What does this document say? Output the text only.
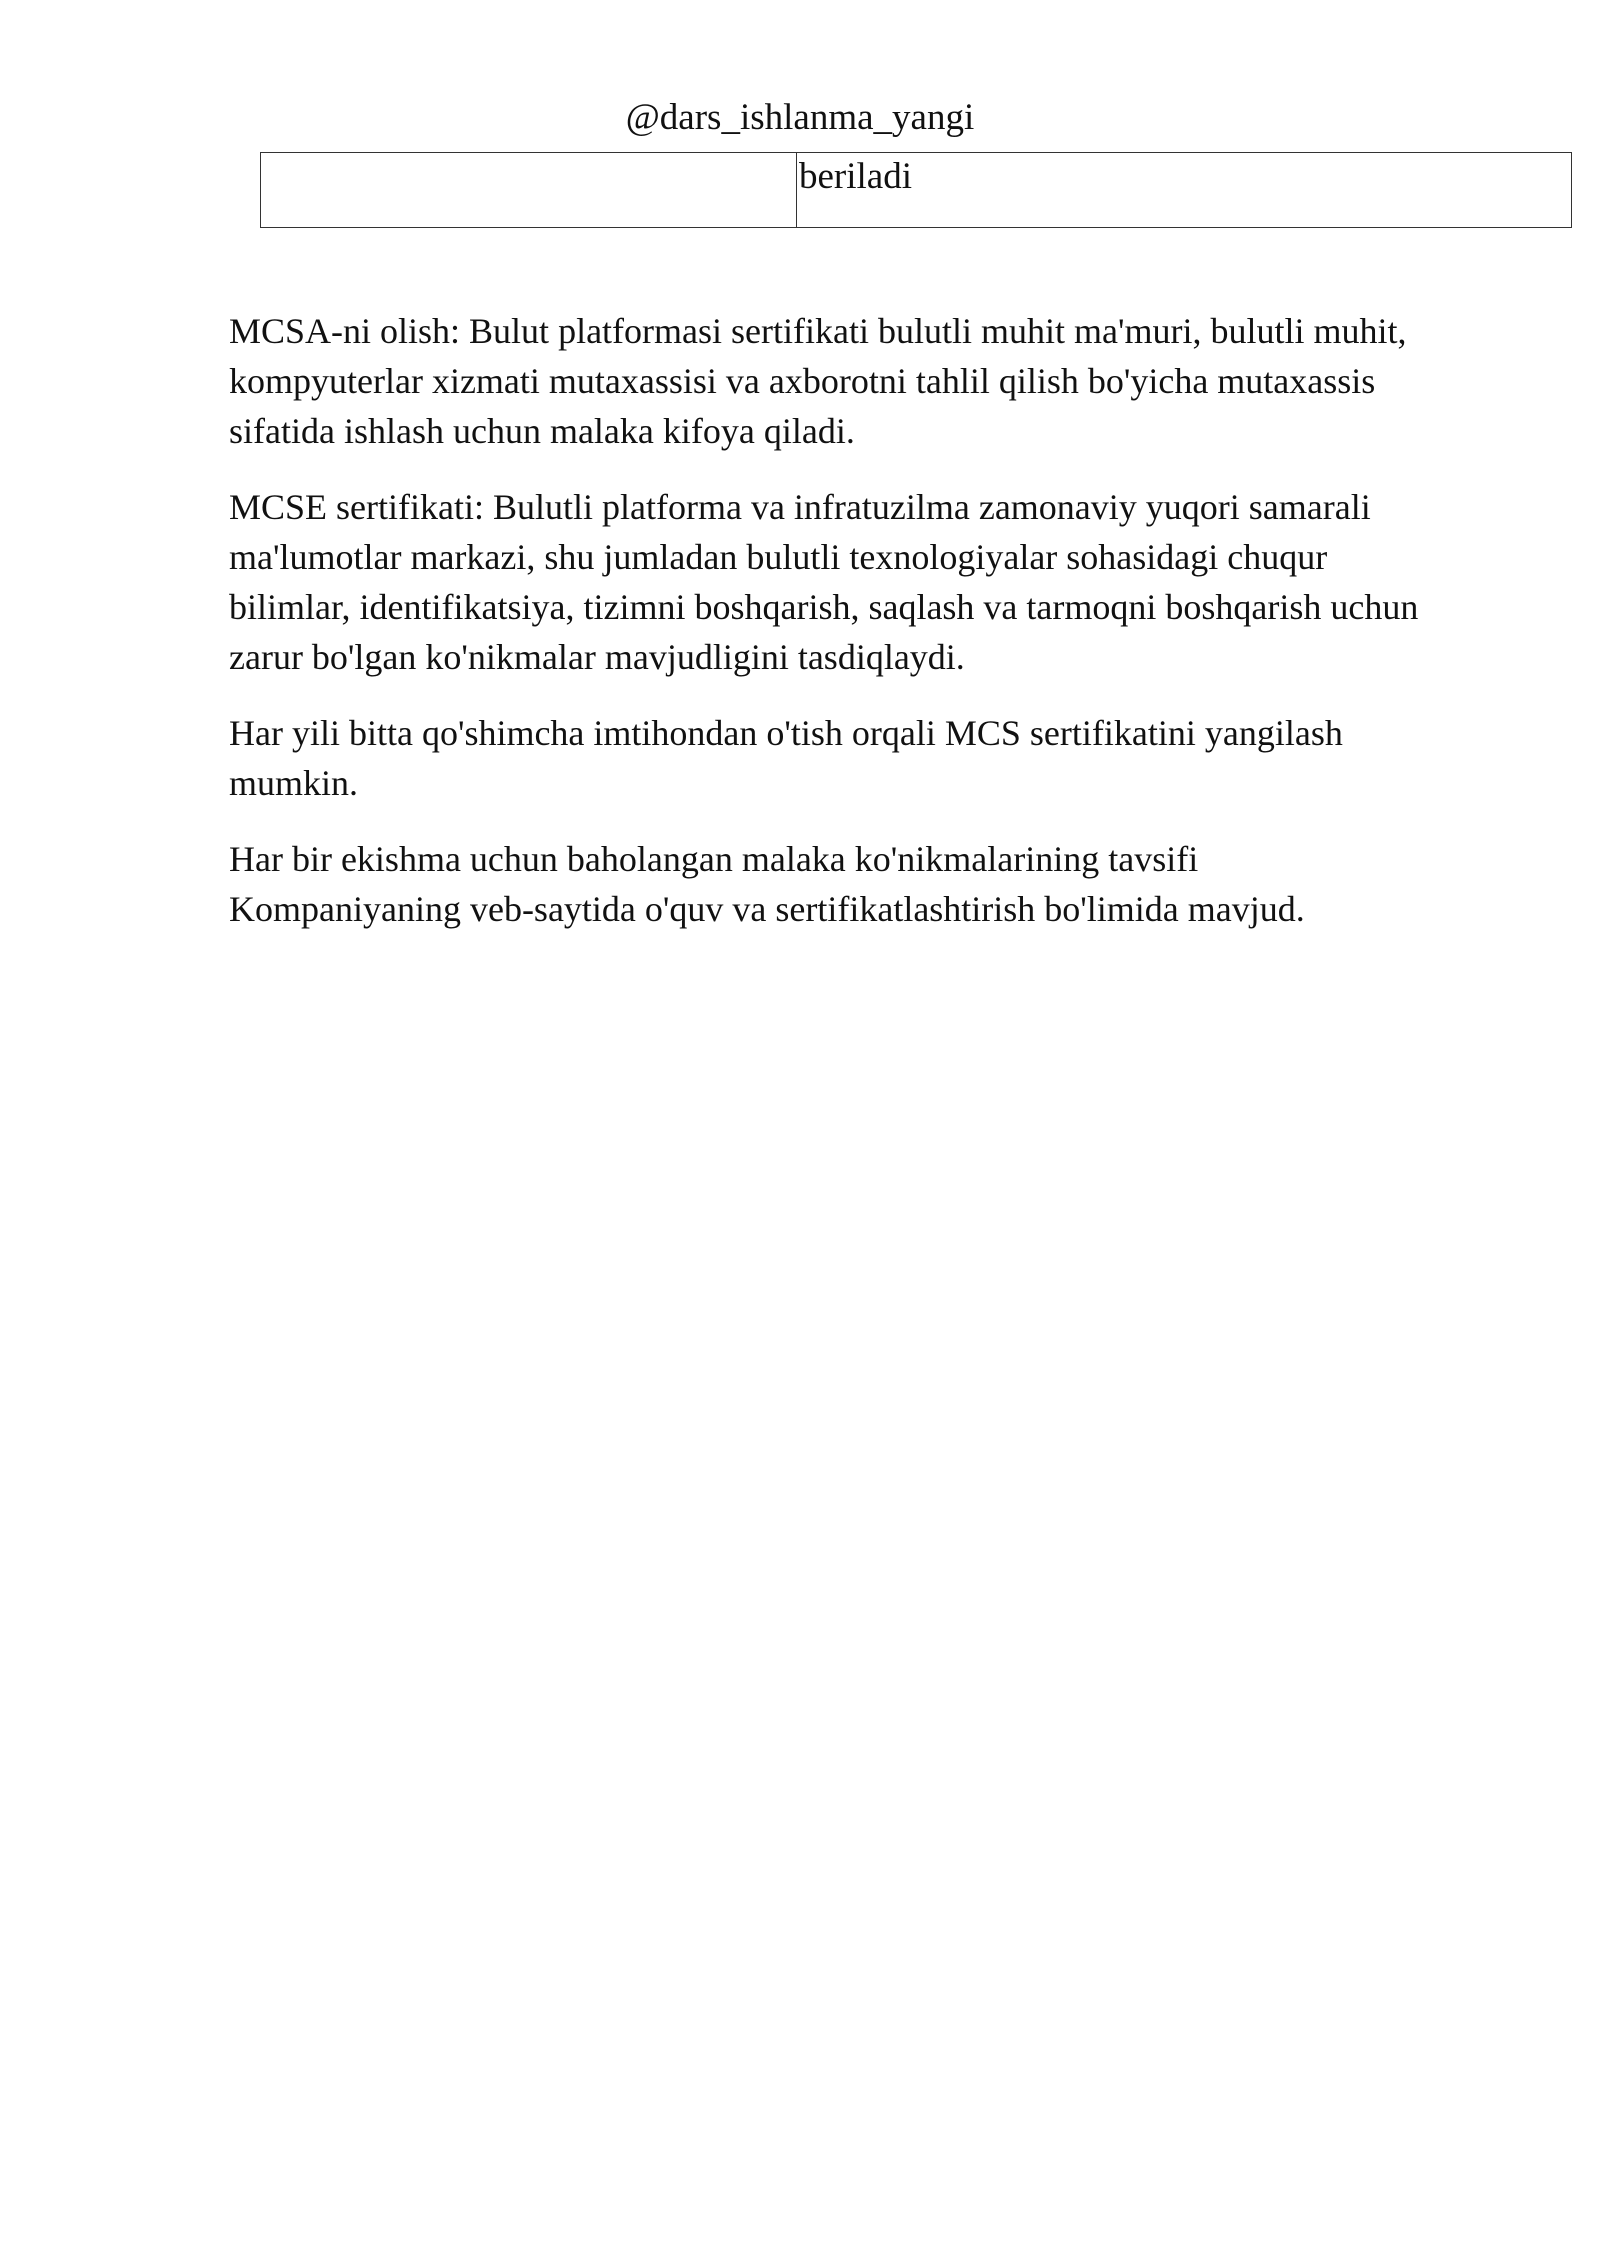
@dars_ishlanma_yangi
beriladi

MCSA-ni olish: Bulut platformasi sertifikati bulutli muhit ma'muri, bulutli muhit,
kompyuterlar xizmati mutaxassisi va axborotni tahlil qilish bo'yicha mutaxassis
sifatida ishlash uchun malaka kifoya qiladi.

MCSE sertifikati: Bulutli platforma va infratuzilma zamonaviy yuqori samarali
ma'lumotlar markazi, shu jumladan bulutli texnologiyalar sohasidagi chuqur
bilimlar, identifikatsiya, tizimni boshqarish, saqlash va tarmoqni boshqarish uchun
zarur bo'lgan ko'nikmalar mavjudligini tasdiqlaydi.

Har yili bitta qo'shimcha imtihondan o'tish orqali MCS sertifikatini yangilash
mumkin.

Har bir ekishma uchun baholangan malaka ko'nikmalarining tavsifi
Kompaniyaning veb-saytida o'quv va sertifikatlashtirish bo'limida mavjud.
